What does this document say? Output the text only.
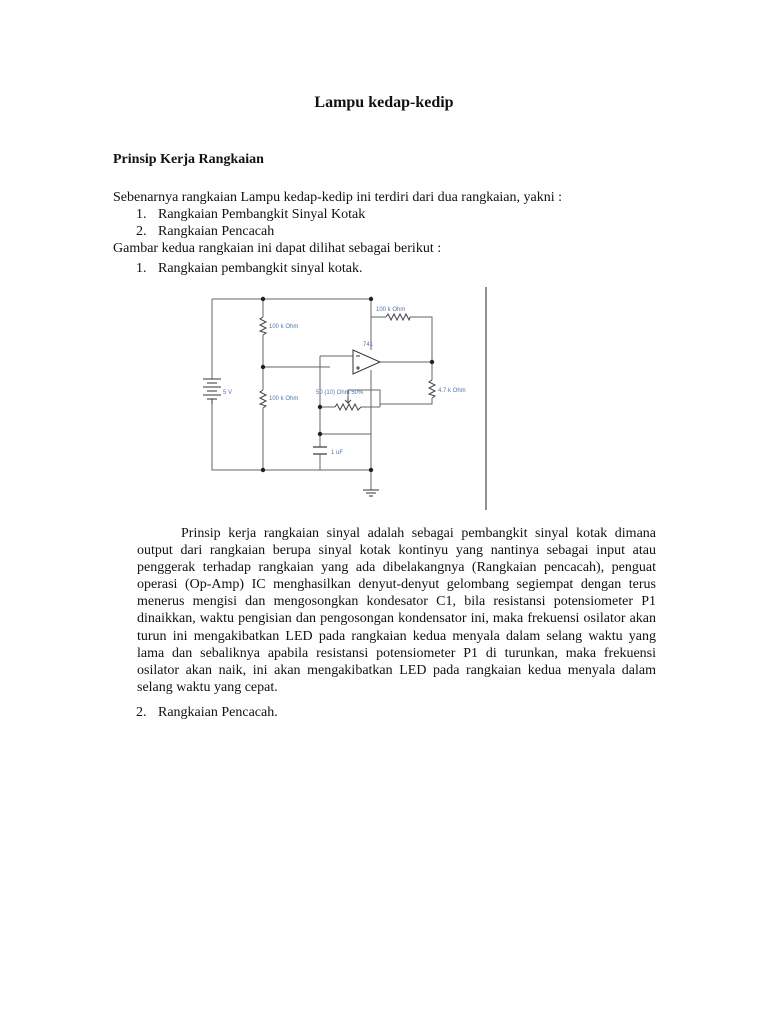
Lampu kedap-kedip
Prinsip Kerja Rangkaian
Sebenarnya rangkaian Lampu kedap-kedip ini terdiri dari dua rangkaian, yakni :
1. Rangkaian Pembangkit Sinyal Kotak
2. Rangkaian Pencacah
Gambar kedua rangkaian ini dapat dilihat sebagai berikut :
1. Rangkaian pembangkit sinyal kotak.
5 V
100 k Ohm
100 k Ohm
100 k Ohm
4.7 k Ohm
741
50 (10) Ohm 50%
1 uF
Prinsip kerja rangkaian sinyal adalah sebagai pembangkit sinyal kotak dimana output dari rangkaian berupa sinyal kotak kontinyu yang nantinya sebagai input atau penggerak terhadap rangkaian yang ada dibelakangnya (Rangkaian pencacah), penguat operasi (Op-Amp) IC menghasilkan denyut-denyut gelombang segiempat dengan terus menerus mengisi dan mengosongkan kondesator C1, bila resistansi potensiometer P1 dinaikkan, waktu pengisian dan pengosongan kondensator ini, maka frekuensi osilator akan turun ini mengakibatkan LED pada rangkaian kedua menyala dalam selang waktu yang lama dan sebaliknya apabila resistansi potensiometer P1 di turunkan, maka frekuensi osilator akan naik, ini akan mengakibatkan LED pada rangkaian kedua menyala dalam selang waktu yang cepat.
2. Rangkaian Pencacah.
